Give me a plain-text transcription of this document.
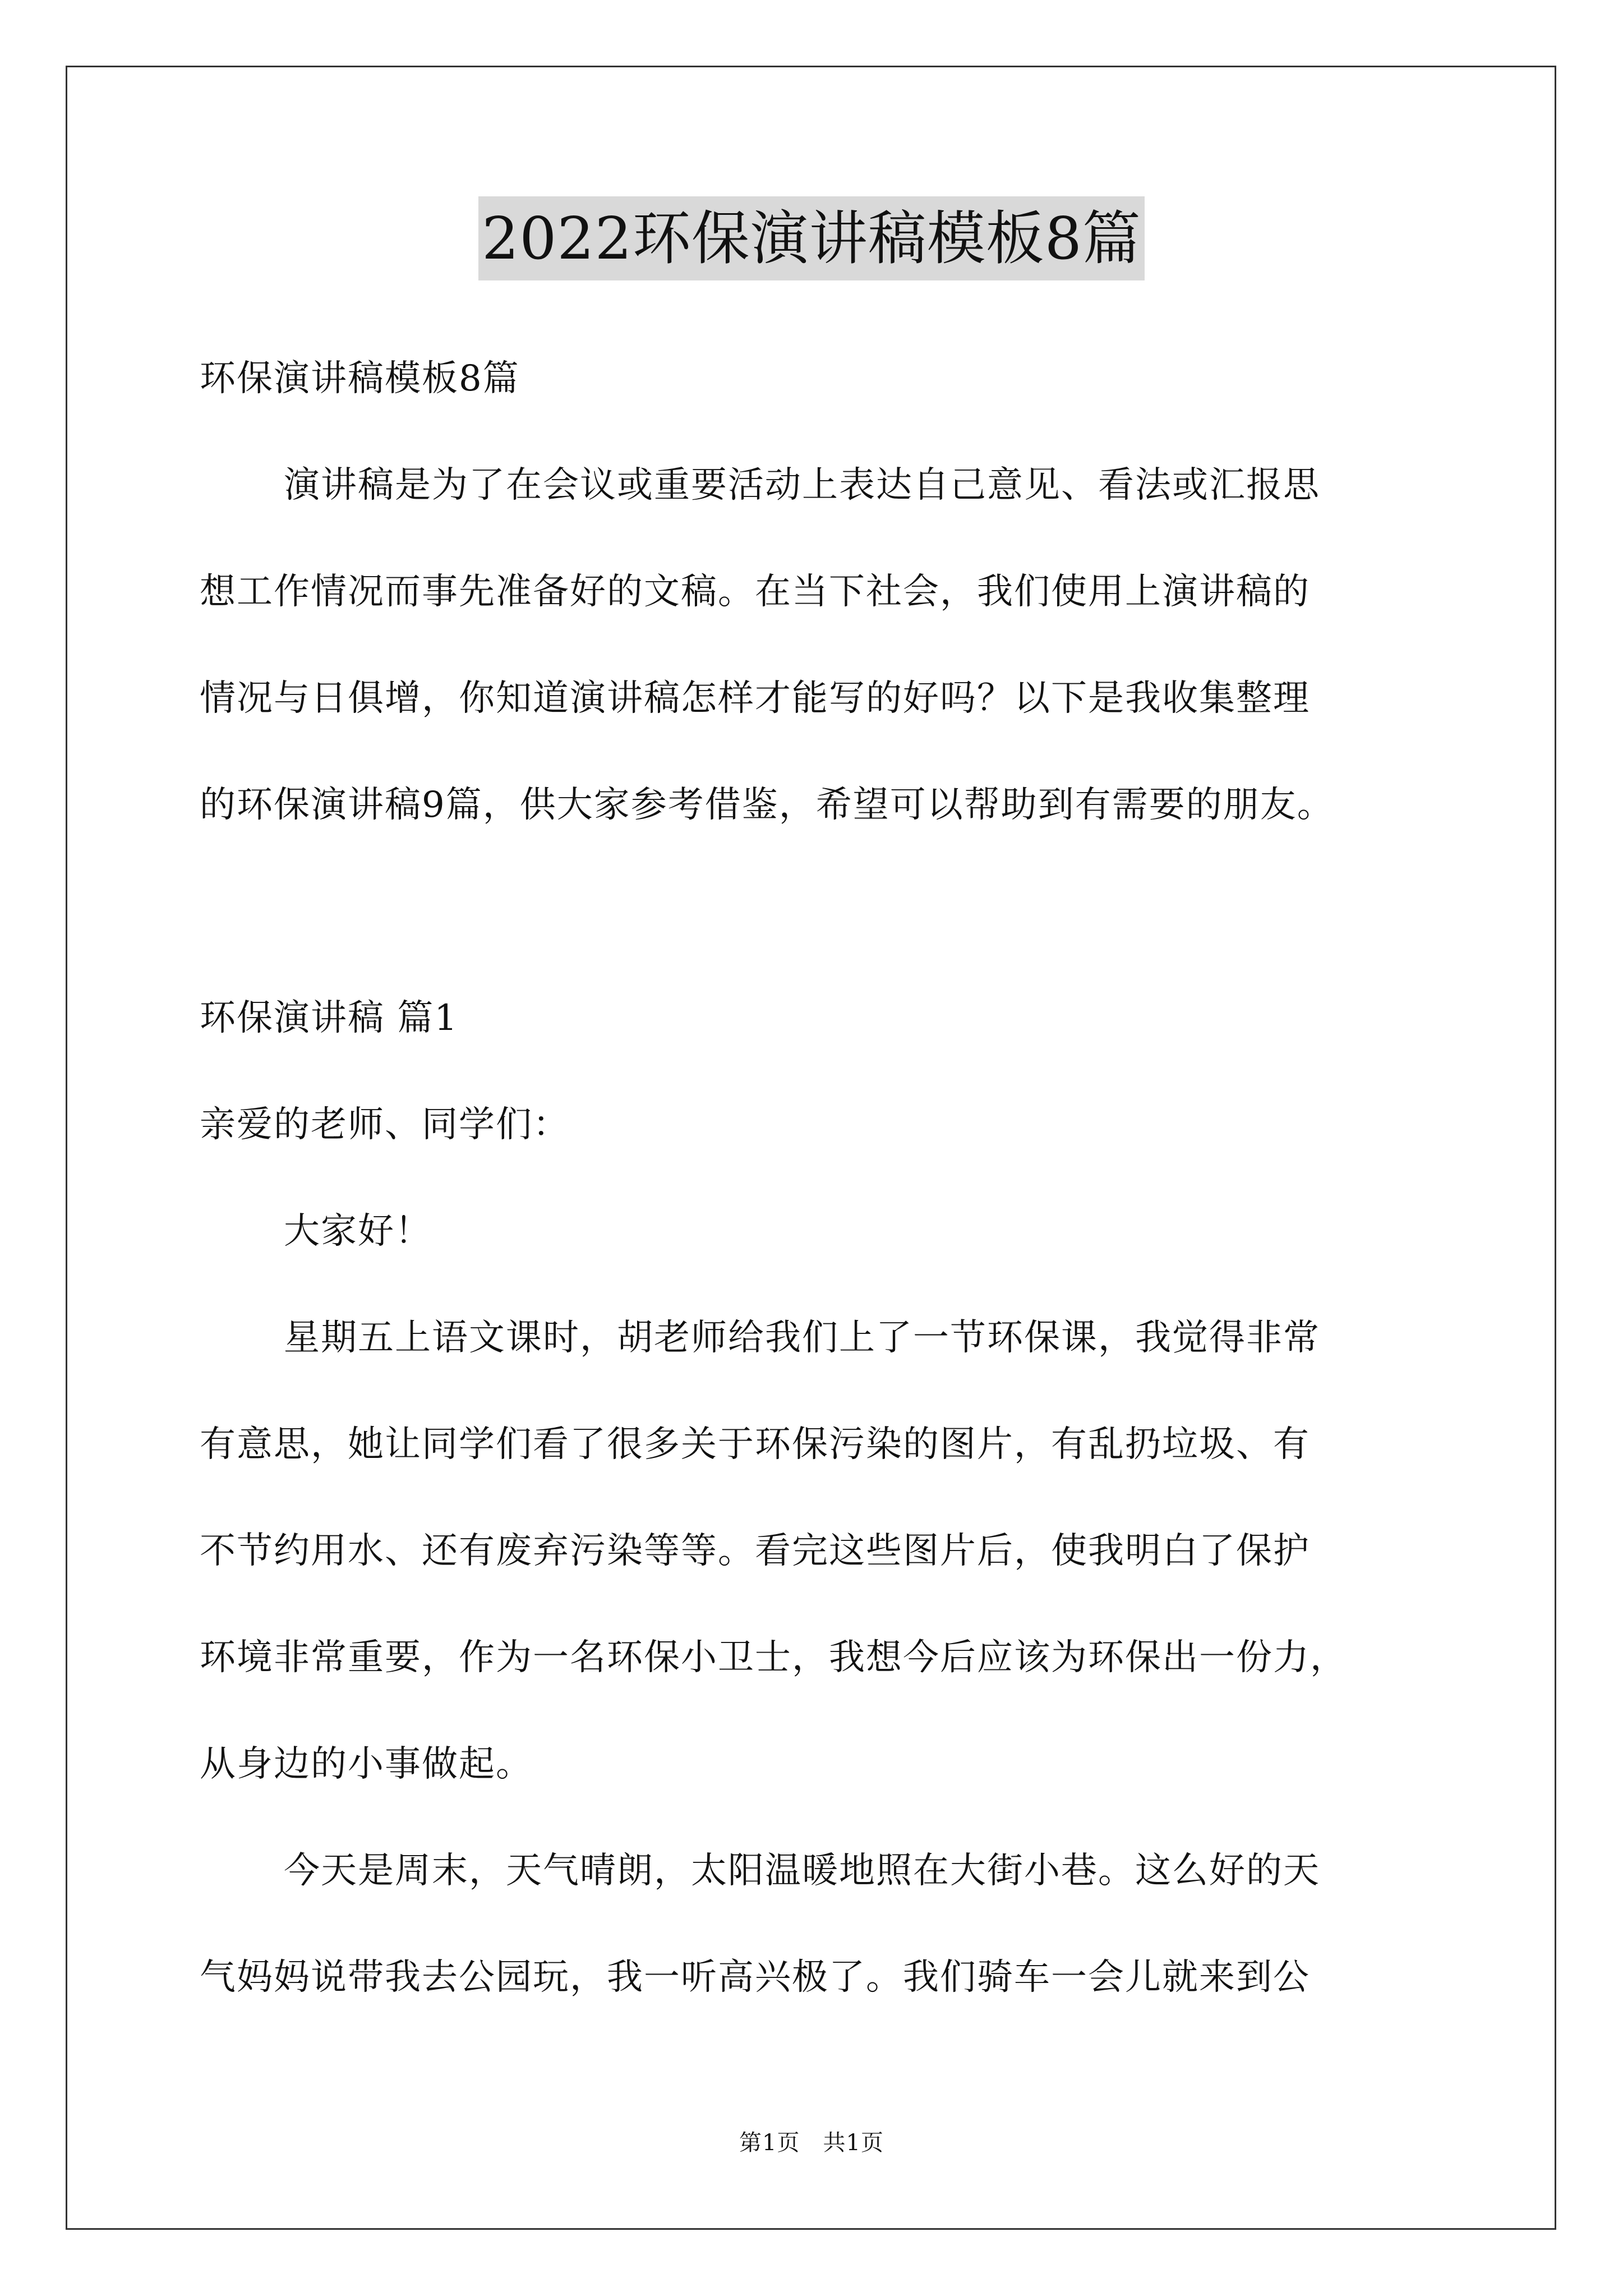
2022环保演讲稿模板8篇
环保演讲稿模板8篇
演讲稿是为了在会议或重要活动上表达自己意见、看法或汇报思
想工作情况而事先准备好的文稿。在当下社会，我们使用上演讲稿的
情况与日俱增，你知道演讲稿怎样才能写的好吗？以下是我收集整理
的环保演讲稿9篇，供大家参考借鉴，希望可以帮助到有需要的朋友。
环保演讲稿 篇1
亲爱的老师、同学们：
大家好！
星期五上语文课时，胡老师给我们上了一节环保课，我觉得非常
有意思，她让同学们看了很多关于环保污染的图片，有乱扔垃圾、有
不节约用水、还有废弃污染等等。看完这些图片后，使我明白了保护
环境非常重要，作为一名环保小卫士，我想今后应该为环保出一份力，
从身边的小事做起。
今天是周末，天气晴朗，太阳温暖地照在大街小巷。这么好的天
气妈妈说带我去公园玩，我一听高兴极了。我们骑车一会儿就来到公
第1页　共1页
